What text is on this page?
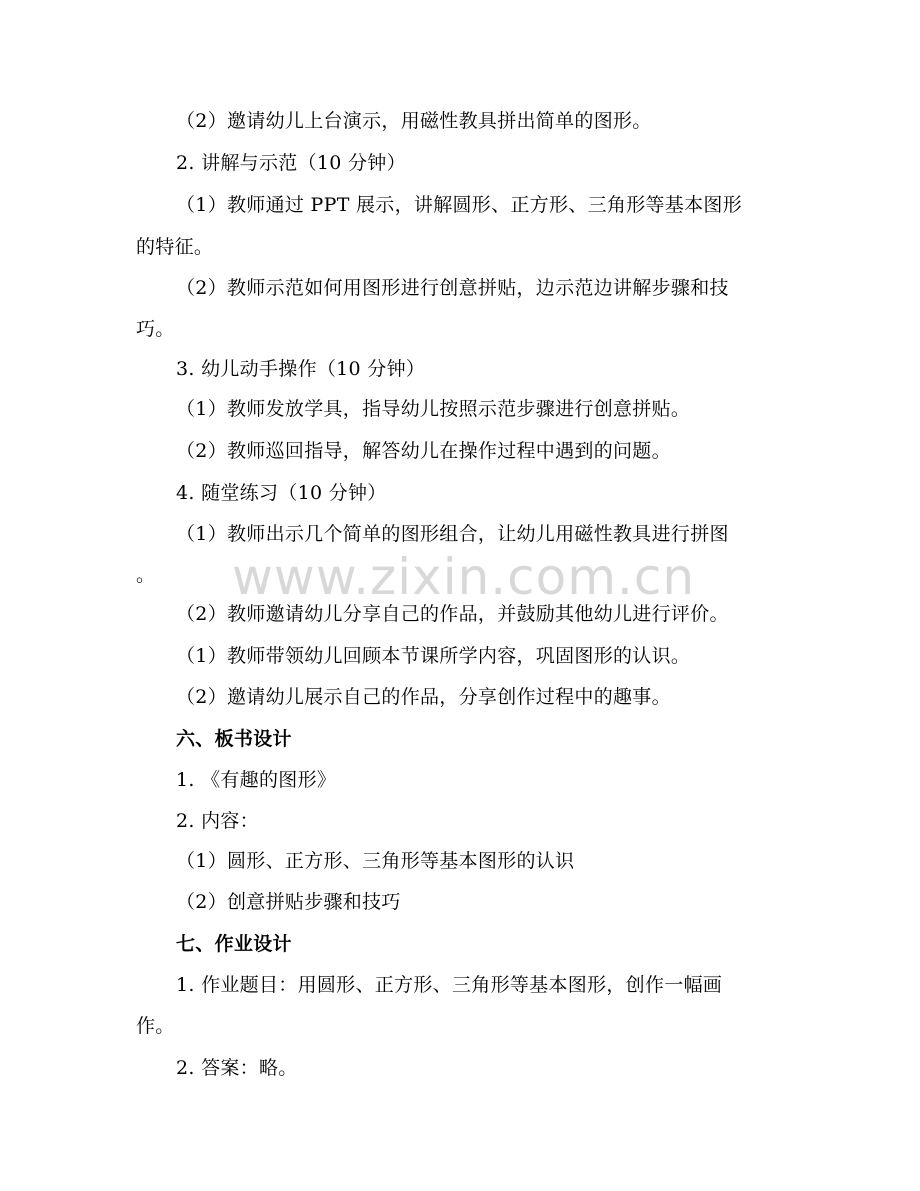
（2）邀请幼儿上台演示，用磁性教具拼出简单的图形。
2. 讲解与示范（10 分钟）
（1）教师通过 PPT 展示，讲解圆形、正方形、三角形等基本图形
的特征。
（2）教师示范如何用图形进行创意拼贴，边示范边讲解步骤和技
巧。
3. 幼儿动手操作（10 分钟）
（1）教师发放学具，指导幼儿按照示范步骤进行创意拼贴。
（2）教师巡回指导，解答幼儿在操作过程中遇到的问题。
4. 随堂练习（10 分钟）
（1）教师出示几个简单的图形组合，让幼儿用磁性教具进行拼图
。
（2）教师邀请幼儿分享自己的作品，并鼓励其他幼儿进行评价。
（1）教师带领幼儿回顾本节课所学内容，巩固图形的认识。
（2）邀请幼儿展示自己的作品，分享创作过程中的趣事。
六、板书设计
1. 《有趣的图形》
2. 内容：
（1）圆形、正方形、三角形等基本图形的认识
（2）创意拼贴步骤和技巧
七、作业设计
1. 作业题目：用圆形、正方形、三角形等基本图形，创作一幅画
作。
2. 答案：略。
www.zixin.com.cn
